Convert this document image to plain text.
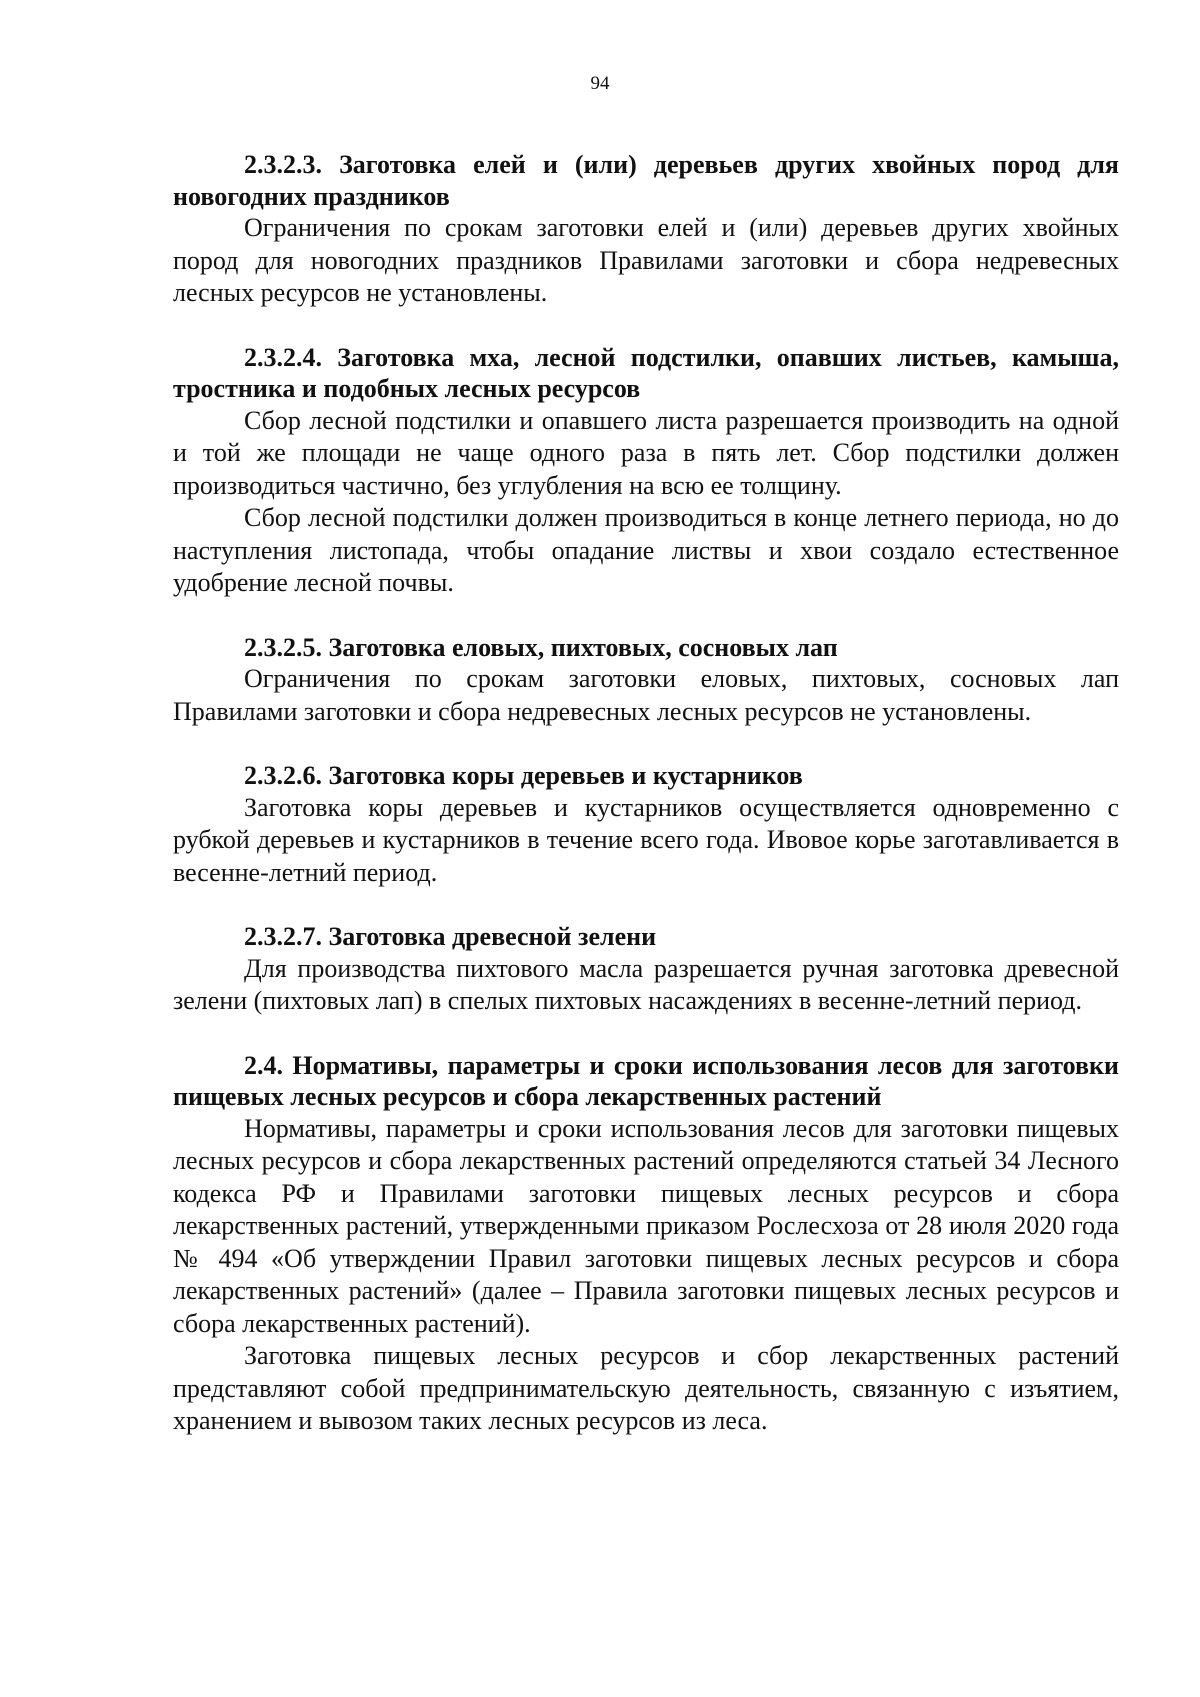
94

2.3.2.3. Заготовка елей и (или) деревьев других хвойных пород для новогодних праздников

Ограничения по срокам заготовки елей и (или) деревьев других хвойных пород для новогодних праздников Правилами заготовки и сбора недревесных лесных ресурсов не установлены.

2.3.2.4. Заготовка мха, лесной подстилки, опавших листьев, камыша, тростника и подобных лесных ресурсов

Сбор лесной подстилки и опавшего листа разрешается производить на одной и той же площади не чаще одного раза в пять лет. Сбор подстилки должен производиться частично, без углубления на всю ее толщину.

Сбор лесной подстилки должен производиться в конце летнего периода, но до наступления листопада, чтобы опадание листвы и хвои создало естественное удобрение лесной почвы.

2.3.2.5. Заготовка еловых, пихтовых, сосновых лап

Ограничения по срокам заготовки еловых, пихтовых, сосновых лап Правилами заготовки и сбора недревесных лесных ресурсов не установлены.

2.3.2.6. Заготовка коры деревьев и кустарников

Заготовка коры деревьев и кустарников осуществляется одновременно с рубкой деревьев и кустарников в течение всего года. Ивовое корье заготавливается в весенне-летний период.

2.3.2.7. Заготовка древесной зелени

Для производства пихтового масла разрешается ручная заготовка древесной зелени (пихтовых лап) в спелых пихтовых насаждениях в весенне-летний период.

2.4. Нормативы, параметры и сроки использования лесов для заготовки пищевых лесных ресурсов и сбора лекарственных растений

Нормативы, параметры и сроки использования лесов для заготовки пищевых лесных ресурсов и сбора лекарственных растений определяются статьей 34 Лесного кодекса РФ и Правилами заготовки пищевых лесных ресурсов и сбора лекарственных растений, утвержденными приказом Рослесхоза от 28 июля 2020 года № 494 «Об утверждении Правил заготовки пищевых лесных ресурсов и сбора лекарственных растений» (далее – Правила заготовки пищевых лесных ресурсов и сбора лекарственных растений).

Заготовка пищевых лесных ресурсов и сбор лекарственных растений представляют собой предпринимательскую деятельность, связанную с изъятием, хранением и вывозом таких лесных ресурсов из леса.
